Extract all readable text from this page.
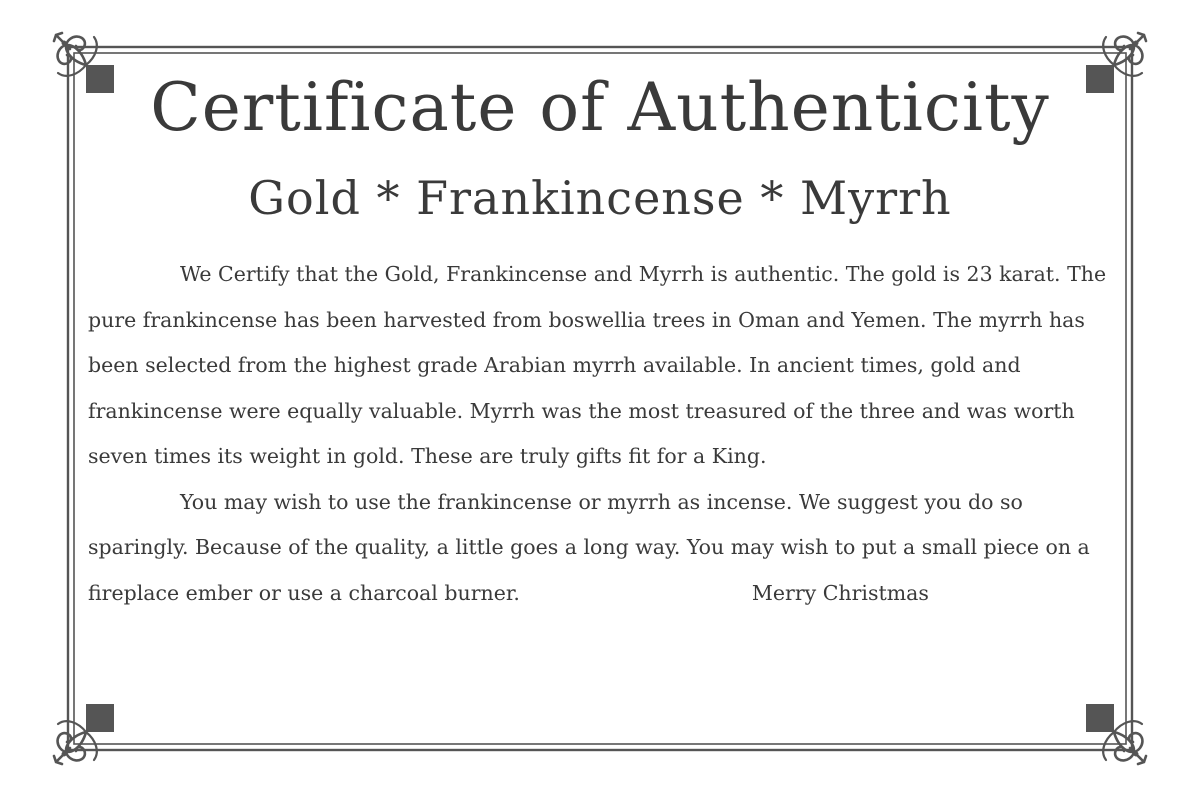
Certificate of Authenticity
Gold * Frankincense * Myrrh

We Certify that the Gold, Frankincense and Myrrh is authentic. The gold is 23 karat. The pure frankincense has been harvested from boswellia trees in Oman and Yemen. The myrrh has been selected from the highest grade Arabian myrrh available. In ancient times, gold and frankincense were equally valuable. Myrrh was the most treasured of the three and was worth seven times its weight in gold. These are truly gifts fit for a King.

You may wish to use the frankincense or myrrh as incense. We suggest you do so sparingly. Because of the quality, a little goes a long way. You may wish to put a small piece on a fireplace ember or use a charcoal burner.	Merry Christmas
